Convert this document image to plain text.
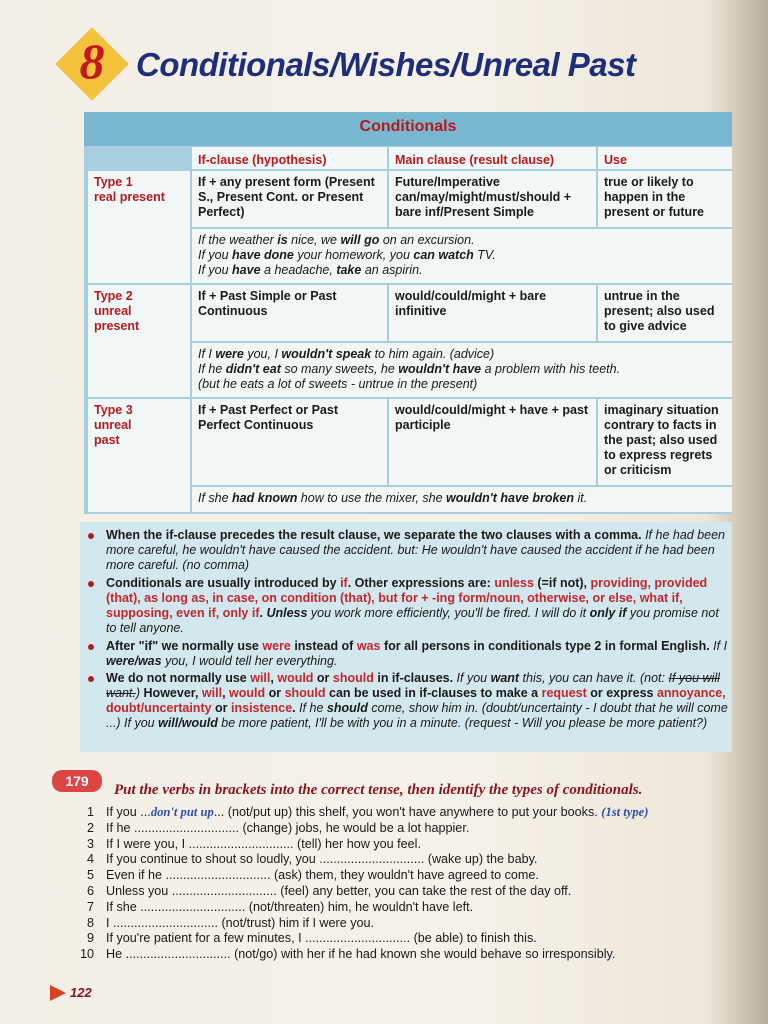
8 Conditionals/Wishes/Unreal Past
Conditionals
If-clause (hypothesis)	Main clause (result clause)	Use
Type 1
real present
If + any present form (Present S., Present Cont. or Present Perfect)
Future/Imperative can/may/might/must/should + bare inf/Present Simple
true or likely to happen in the present or future
If the weather is nice, we will go on an excursion.
If you have done your homework, you can watch TV.
If you have a headache, take an aspirin.
Type 2
unreal
present
If + Past Simple or Past Continuous
would/could/might + bare infinitive
untrue in the present; also used to give advice
If I were you, I wouldn't speak to him again. (advice)
If he didn't eat so many sweets, he wouldn't have a problem with his teeth.
(but he eats a lot of sweets - untrue in the present)
Type 3
unreal
past
If + Past Perfect or Past Perfect Continuous
would/could/might + have + past participle
imaginary situation contrary to facts in the past; also used to express regrets or criticism
If she had known how to use the mixer, she wouldn't have broken it.
When the if-clause precedes the result clause, we separate the two clauses with a comma. If he had been more careful, he wouldn't have caused the accident. but: He wouldn't have caused the accident if he had been more careful. (no comma)
Conditionals are usually introduced by if. Other expressions are: unless (=if not), providing, provided (that), as long as, in case, on condition (that), but for + -ing form/noun, otherwise, or else, what if, supposing, even if, only if. Unless you work more efficiently, you'll be fired. I will do it only if you promise not to tell anyone.
After "if" we normally use were instead of was for all persons in conditionals type 2 in formal English. If I were/was you, I would tell her everything.
We do not normally use will, would or should in if-clauses. If you want this, you can have it. (not: If you will want.) However, will, would or should can be used in if-clauses to make a request or express annoyance, doubt/uncertainty or insistence. If he should come, show him in. (doubt/uncertainty - I doubt that he will come ...) If you will/would be more patient, I'll be with you in a minute. (request - Will you please be more patient?)
179
Put the verbs in brackets into the correct tense, then identify the types of conditionals.
1 If you ...don't put up... (not/put up) this shelf, you won't have anywhere to put your books. (1st type)
2 If he .............................. (change) jobs, he would be a lot happier.
3 If I were you, I .............................. (tell) her how you feel.
4 If you continue to shout so loudly, you .............................. (wake up) the baby.
5 Even if he .............................. (ask) them, they wouldn't have agreed to come.
6 Unless you .............................. (feel) any better, you can take the rest of the day off.
7 If she .............................. (not/threaten) him, he wouldn't have left.
8 I .............................. (not/trust) him if I were you.
9 If you're patient for a few minutes, I .............................. (be able) to finish this.
10 He .............................. (not/go) with her if he had known she would behave so irresponsibly.
122
